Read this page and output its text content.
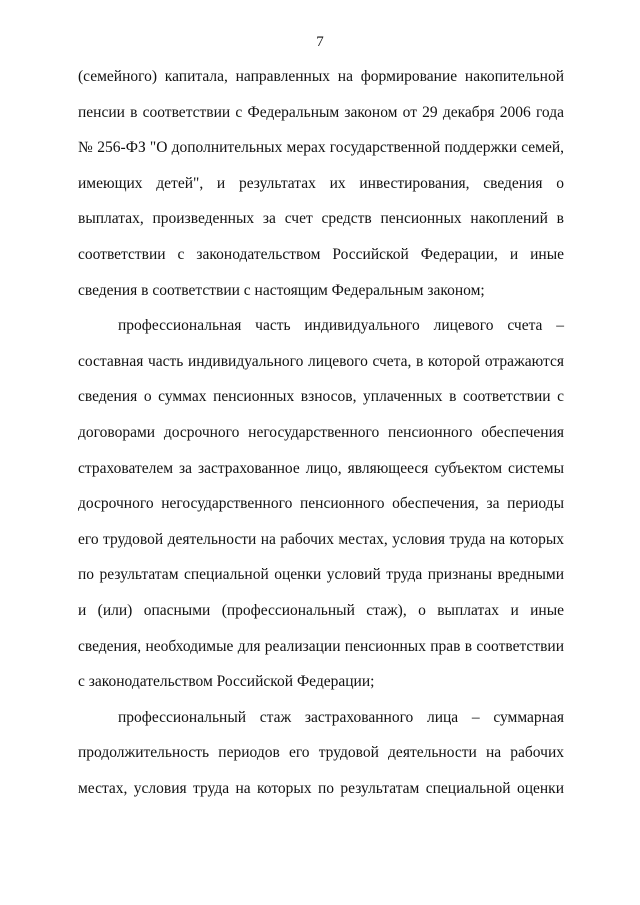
7

(семейного) капитала, направленных на формирование накопительной пенсии в соответствии с Федеральным законом от 29 декабря 2006 года № 256-ФЗ "О дополнительных мерах государственной поддержки семей, имеющих детей", и результатах их инвестирования, сведения о выплатах, произведенных за счет средств пенсионных накоплений в соответствии с законодательством Российской Федерации, и иные сведения в соответствии с настоящим Федеральным законом;

профессиональная часть индивидуального лицевого счета – составная часть индивидуального лицевого счета, в которой отражаются сведения о суммах пенсионных взносов, уплаченных в соответствии с договорами досрочного негосударственного пенсионного обеспечения страхователем за застрахованное лицо, являющееся субъектом системы досрочного негосударственного пенсионного обеспечения, за периоды его трудовой деятельности на рабочих местах, условия труда на которых по результатам специальной оценки условий труда признаны вредными и (или) опасными (профессиональный стаж), о выплатах и иные сведения, необходимые для реализации пенсионных прав в соответствии с законодательством Российской Федерации;

профессиональный стаж застрахованного лица – суммарная продолжительность периодов его трудовой деятельности на рабочих местах, условия труда на которых по результатам специальной оценки
